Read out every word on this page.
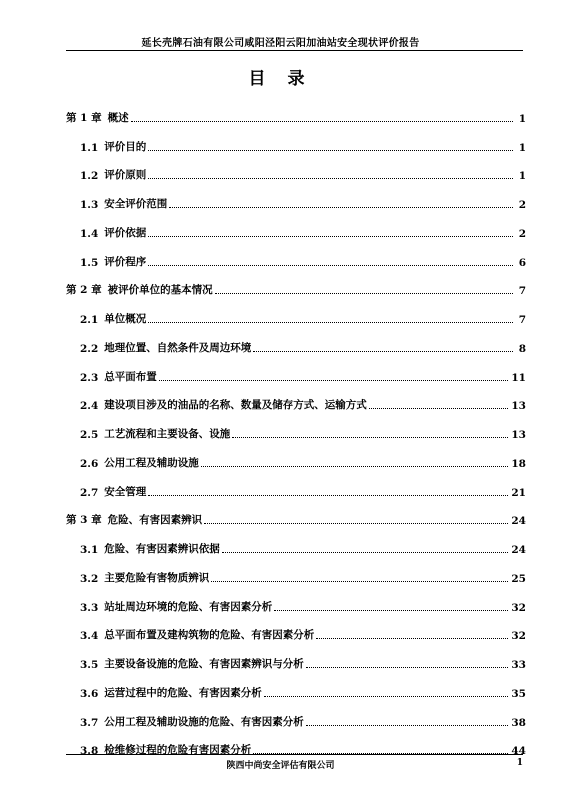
延长壳牌石油有限公司咸阳泾阳云阳加油站安全现状评价报告
目 录
第 1 章 概述	1
1.1 评价目的	1
1.2 评价原则	1
1.3 安全评价范围	2
1.4 评价依据	2
1.5 评价程序	6
第 2 章 被评价单位的基本情况	7
2.1 单位概况	7
2.2 地理位置、自然条件及周边环境	8
2.3 总平面布置	11
2.4 建设项目涉及的油品的名称、数量及储存方式、运输方式	13
2.5 工艺流程和主要设备、设施	13
2.6 公用工程及辅助设施	18
2.7 安全管理	21
第 3 章 危险、有害因素辨识	24
3.1 危险、有害因素辨识依据	24
3.2 主要危险有害物质辨识	25
3.3 站址周边环境的危险、有害因素分析	32
3.4 总平面布置及建构筑物的危险、有害因素分析	32
3.5 主要设备设施的危险、有害因素辨识与分析	33
3.6 运营过程中的危险、有害因素分析	35
3.7 公用工程及辅助设施的危险、有害因素分析	38
3.8 检维修过程的危险有害因素分析	44
陕西中尚安全评估有限公司	1
